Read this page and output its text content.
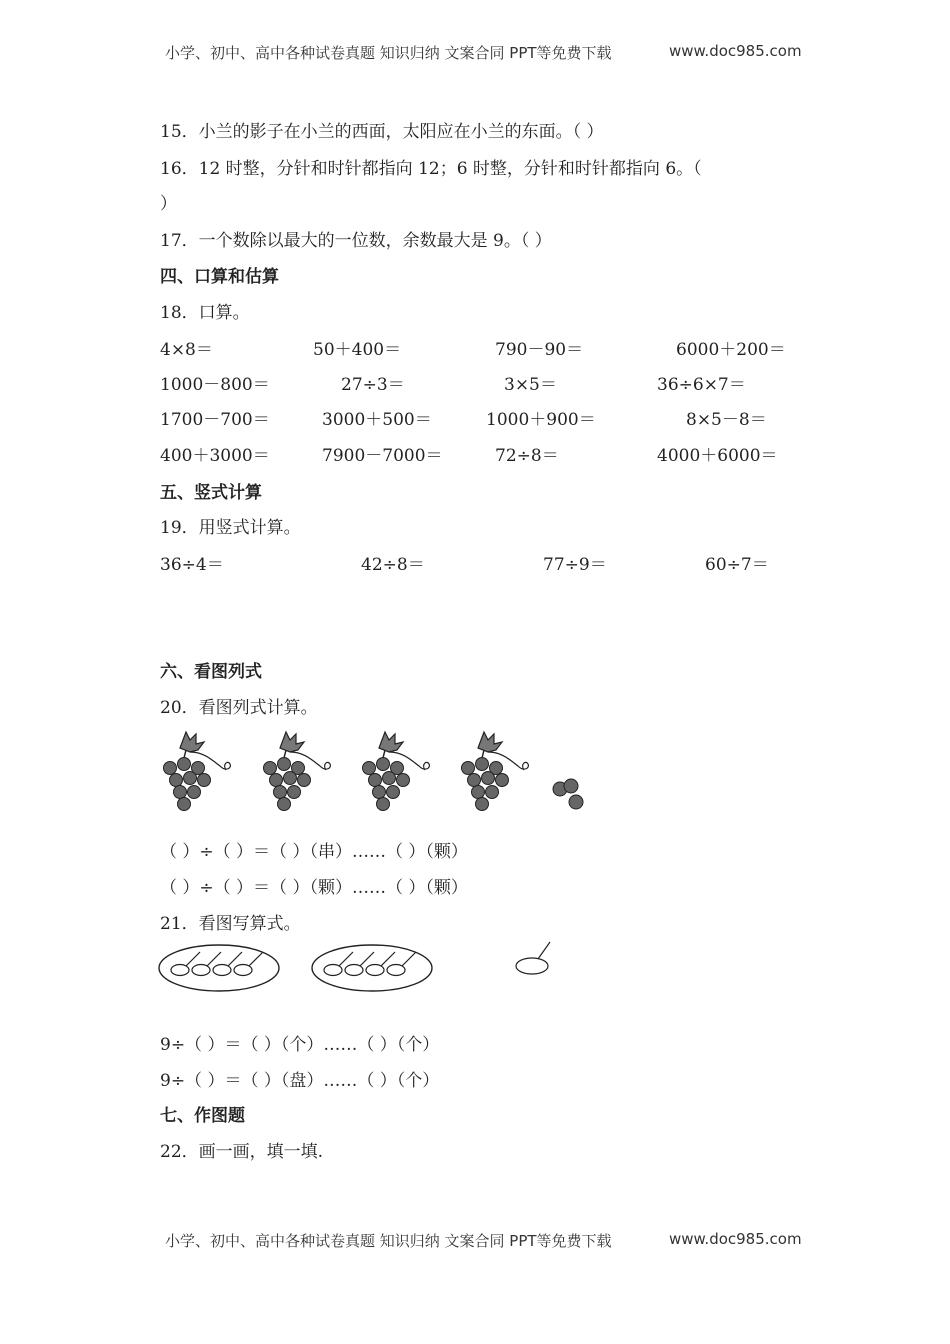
小学、初中、高中各种试卷真题 知识归纳 文案合同 PPT等免费下载	www.doc985.com
小学、初中、高中各种试卷真题 知识归纳 文案合同 PPT等免费下载	www.doc985.com
15．小兰的影子在小兰的西面，太阳应在小兰的东面。（ ）
16．12 时整，分针和时针都指向 12；6 时整，分针和时针都指向 6。（
）
17．一个数除以最大的一位数，余数最大是 9。（ ）
四、口算和估算
18．口算。
4×8＝	50＋400＝	790－90＝	6000＋200＝
1000－800＝	27÷3＝	3×5＝	36÷6×7＝
1700－700＝	3000＋500＝	1000＋900＝	8×5－8＝
400＋3000＝	7900－7000＝	72÷8＝	4000＋6000＝
五、竖式计算
19．用竖式计算。
36÷4＝	42÷8＝	77÷9＝	60÷7＝
六、看图列式
20．看图列式计算。
（ ）÷（ ）＝（ ）（串）……（ ）（颗）
（ ）÷（ ）＝（ ）（颗）……（ ）（颗）
21．看图写算式。
9÷（ ）＝（ ）（个）……（ ）（个）
9÷（ ）＝（ ）（盘）……（ ）（个）
七、作图题
22．画一画，填一填.
